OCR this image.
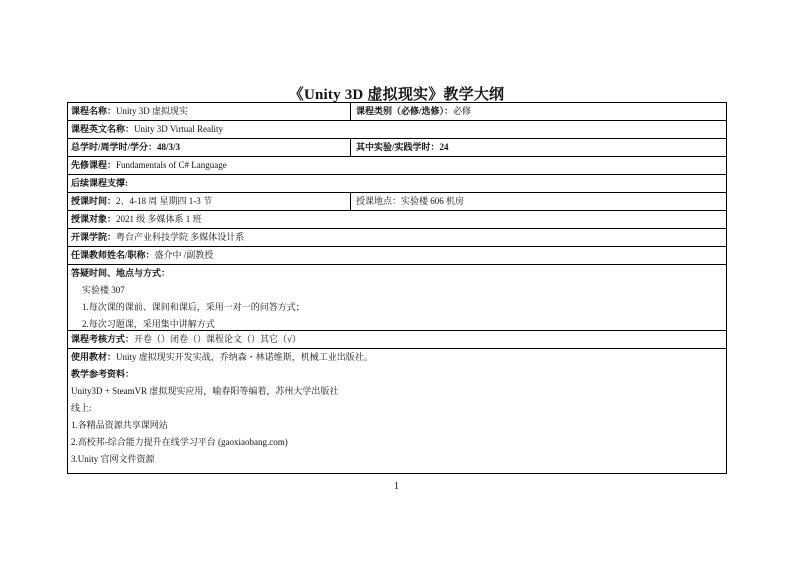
《Unity 3D 虚拟现实》教学大纲
课程名称：Unity 3D 虚拟现实	课程类别（必修/选修）：必修
课程英文名称：Unity 3D Virtual Reality
总学时/周学时/学分：48/3/3	其中实验/实践学时：24
先修课程：Fundamentals of C# Language
后续课程支撑:
授课时间：2、4-18 周 星期四 1-3 节	授课地点：实验楼 606 机房
授课对象：2021 级 多媒体系 1 班
开课学院：粤台产业科技学院 多媒体设计系
任课教师姓名/职称：盛介中 /副教授
答疑时间、地点与方式：
实验楼 307
1.每次课的课前、课间和课后，采用一对一的问答方式；
2.每次习题课，采用集中讲解方式
课程考核方式：开卷（）闭卷（）课程论文（）其它（√）
使用教材：Unity 虚拟现实开发实战，乔纳森・林诺维斯，机械工业出版社。
教学参考资料：
Unity3D + SteamVR 虚拟现实应用，喻春阳等编着，苏州大学出版社
线上:
1.各精品资源共享课网站
2.高校邦-综合能力提升在线学习平台 (gaoxiaobang.com)
3.Unity 官网文件资源
1
